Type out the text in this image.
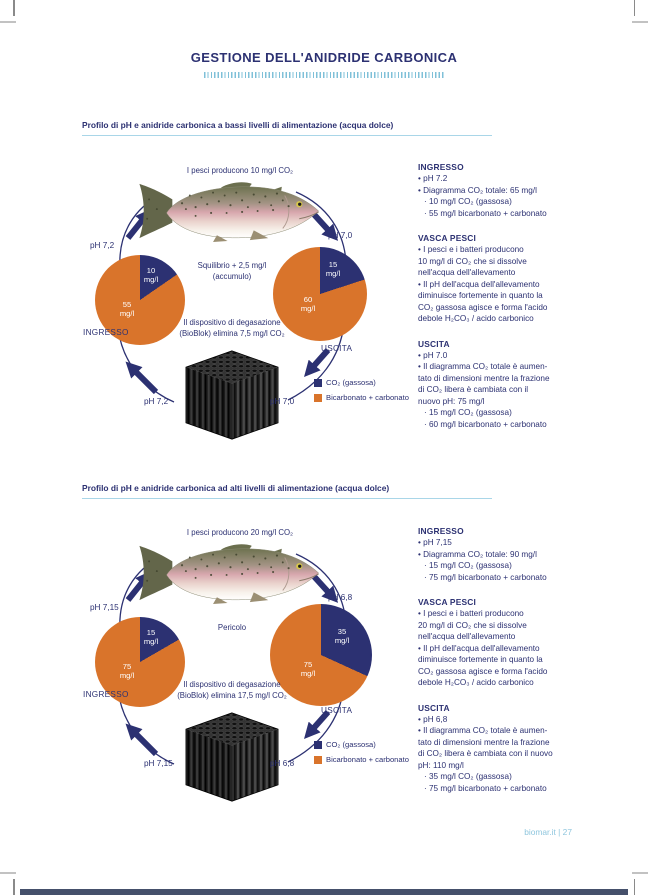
GESTIONE DELL'ANIDRIDE CARBONICA
Profilo di pH e anidride carbonica a bassi livelli di alimentazione (acqua dolce)
I pesci producono 10 mg/l CO₂
pH 7,2
pH 7,0
10
mg/l
55
mg/l
15
mg/l
60
mg/l
INGRESSO
USCITA
Squilibrio + 2,5 mg/l
(accumulo)
Il dispositivo di degasazione
(BioBlok) elimina 7,5 mg/l CO₂
CO₂ (gassosa)
Bicarbonato + carbonato
pH 7,2	pH 7,0
INGRESSO
• pH 7.2
• Diagramma CO₂ totale: 65 mg/l
· 10 mg/l CO₂ (gassosa)
· 55 mg/l bicarbonato + carbonato
VASCA PESCI
• I pesci e i batteri producono
10 mg/l di CO₂ che si dissolve
nell'acqua dell'allevamento
• Il pH dell'acqua dell'allevamento
diminuisce fortemente in quanto la
CO₂ gassosa agisce e forma l'acido
debole H₂CO₃ / acido carbonico
USCITA
• pH 7.0
• Il diagramma CO₂ totale è aumen-
tato di dimensioni mentre la frazione
di CO₂ libera è cambiata con il
nuovo pH: 75 mg/l
· 15 mg/l CO₂ (gassosa)
· 60 mg/l bicarbonato + carbonato
Profilo di pH e anidride carbonica ad alti livelli di alimentazione (acqua dolce)
I pesci producono 20 mg/l CO₂
pH 7,15
pH 6,8
15
mg/l
75
mg/l
35
mg/l
75
mg/l
INGRESSO
USCITA
Pericolo
Il dispositivo di degasazione
(BioBlok) elimina 17,5 mg/l CO₂
CO₂ (gassosa)
Bicarbonato + carbonato
pH 7,15	pH 6,8
INGRESSO
• pH 7,15
• Diagramma CO₂ totale: 90 mg/l
· 15 mg/l CO₂ (gassosa)
· 75 mg/l bicarbonato + carbonato
VASCA PESCI
• I pesci e i batteri producono
20 mg/l di CO₂ che si dissolve
nell'acqua dell'allevamento
• Il pH dell'acqua dell'allevamento
diminuisce fortemente in quanto la
CO₂ gassosa agisce e forma l'acido
debole H₂CO₃ / acido carbonico
USCITA
• pH 6,8
• Il diagramma CO₂ totale è aumen-
tato di dimensioni mentre la frazione
di CO₂ libera è cambiata con il nuovo
pH: 110 mg/l
· 35 mg/l CO₂ (gassosa)
· 75 mg/l bicarbonato + carbonato
biomar.it | 27
